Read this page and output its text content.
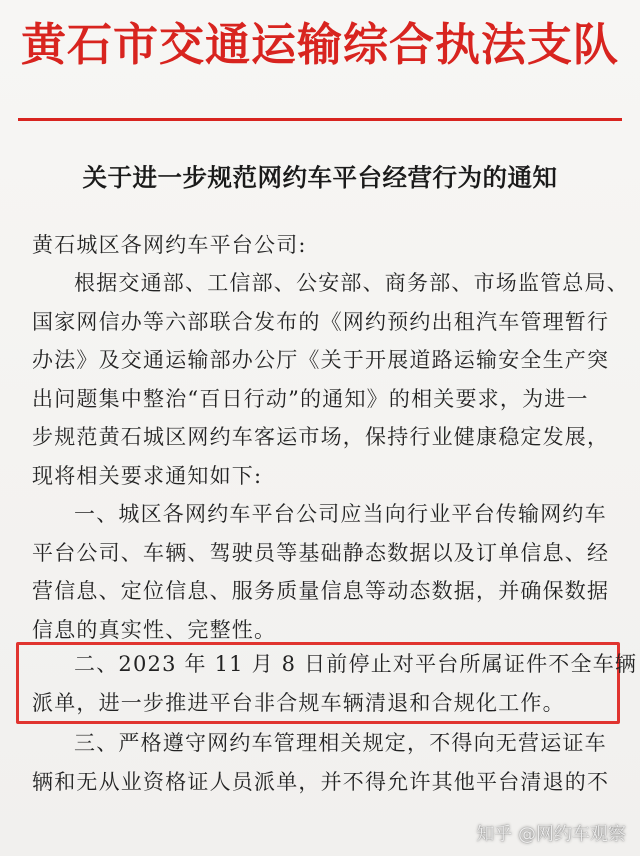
黄石市交通运输综合执法支队
关于进一步规范网约车平台经营行为的通知
黄石城区各网约车平台公司:
根据交通部、工信部、公安部、商务部、市场监管总局、
国家网信办等六部联合发布的《网约预约出租汽车管理暂行
办法》及交通运输部办公厅《关于开展道路运输安全生产突
出问题集中整治“百日行动”的通知》的相关要求，为进一
步规范黄石城区网约车客运市场，保持行业健康稳定发展，
现将相关要求通知如下:
一、城区各网约车平台公司应当向行业平台传输网约车
平台公司、车辆、驾驶员等基础静态数据以及订单信息、经
营信息、定位信息、服务质量信息等动态数据，并确保数据
信息的真实性、完整性。
二、2023 年 11 月 8 日前停止对平台所属证件不全车辆
派单，进一步推进平台非合规车辆清退和合规化工作。
三、严格遵守网约车管理相关规定，不得向无营运证车
辆和无从业资格证人员派单，并不得允许其他平台清退的不
知乎 @网约车观察
